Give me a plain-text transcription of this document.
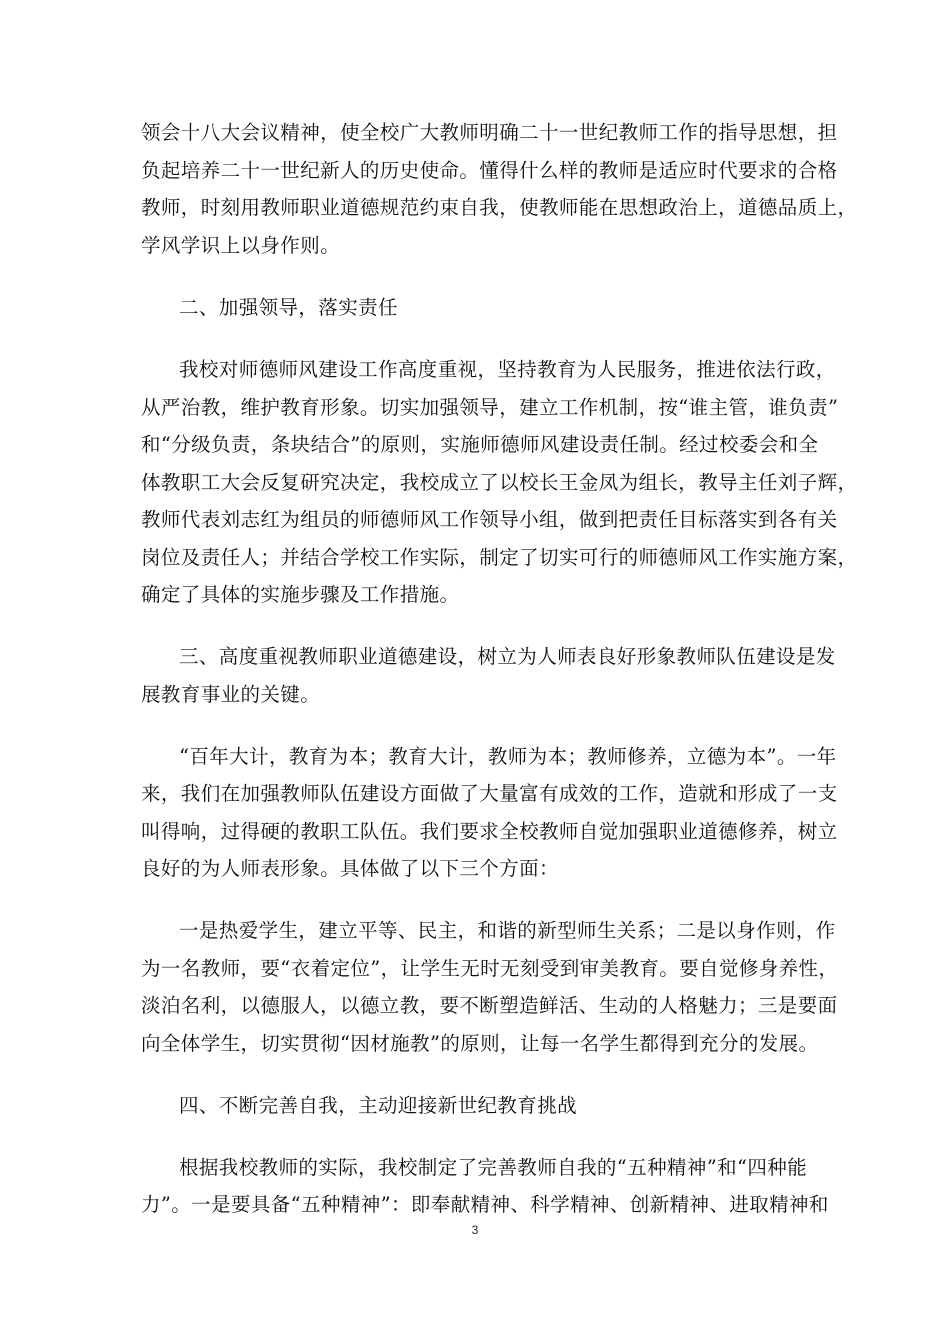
领会十八大会议精神，使全校广大教师明确二十一世纪教师工作的指导思想，担
负起培养二十一世纪新人的历史使命。懂得什么样的教师是适应时代要求的合格
教师，时刻用教师职业道德规范约束自我，使教师能在思想政治上，道德品质上，
学风学识上以身作则。
二、加强领导，落实责任
我校对师德师风建设工作高度重视，坚持教育为人民服务，推进依法行政，
从严治教，维护教育形象。切实加强领导，建立工作机制，按“谁主管，谁负责”
和“分级负责，条块结合”的原则，实施师德师风建设责任制。经过校委会和全
体教职工大会反复研究决定，我校成立了以校长王金凤为组长，教导主任刘子辉，
教师代表刘志红为组员的师德师风工作领导小组，做到把责任目标落实到各有关
岗位及责任人；并结合学校工作实际，制定了切实可行的师德师风工作实施方案，
确定了具体的实施步骤及工作措施。
三、高度重视教师职业道德建设，树立为人师表良好形象教师队伍建设是发
展教育事业的关键。
“百年大计，教育为本；教育大计，教师为本；教师修养，立德为本”。一年
来，我们在加强教师队伍建设方面做了大量富有成效的工作，造就和形成了一支
叫得响，过得硬的教职工队伍。我们要求全校教师自觉加强职业道德修养，树立
良好的为人师表形象。具体做了以下三个方面：
一是热爱学生，建立平等、民主，和谐的新型师生关系；二是以身作则，作
为一名教师，要“衣着定位”，让学生无时无刻受到审美教育。要自觉修身养性，
淡泊名利，以德服人，以德立教，要不断塑造鲜活、生动的人格魅力；三是要面
向全体学生，切实贯彻“因材施教”的原则，让每一名学生都得到充分的发展。
四、不断完善自我，主动迎接新世纪教育挑战
根据我校教师的实际，我校制定了完善教师自我的“五种精神”和“四种能
力”。一是要具备“五种精神”：即奉献精神、科学精神、创新精神、进取精神和
3
